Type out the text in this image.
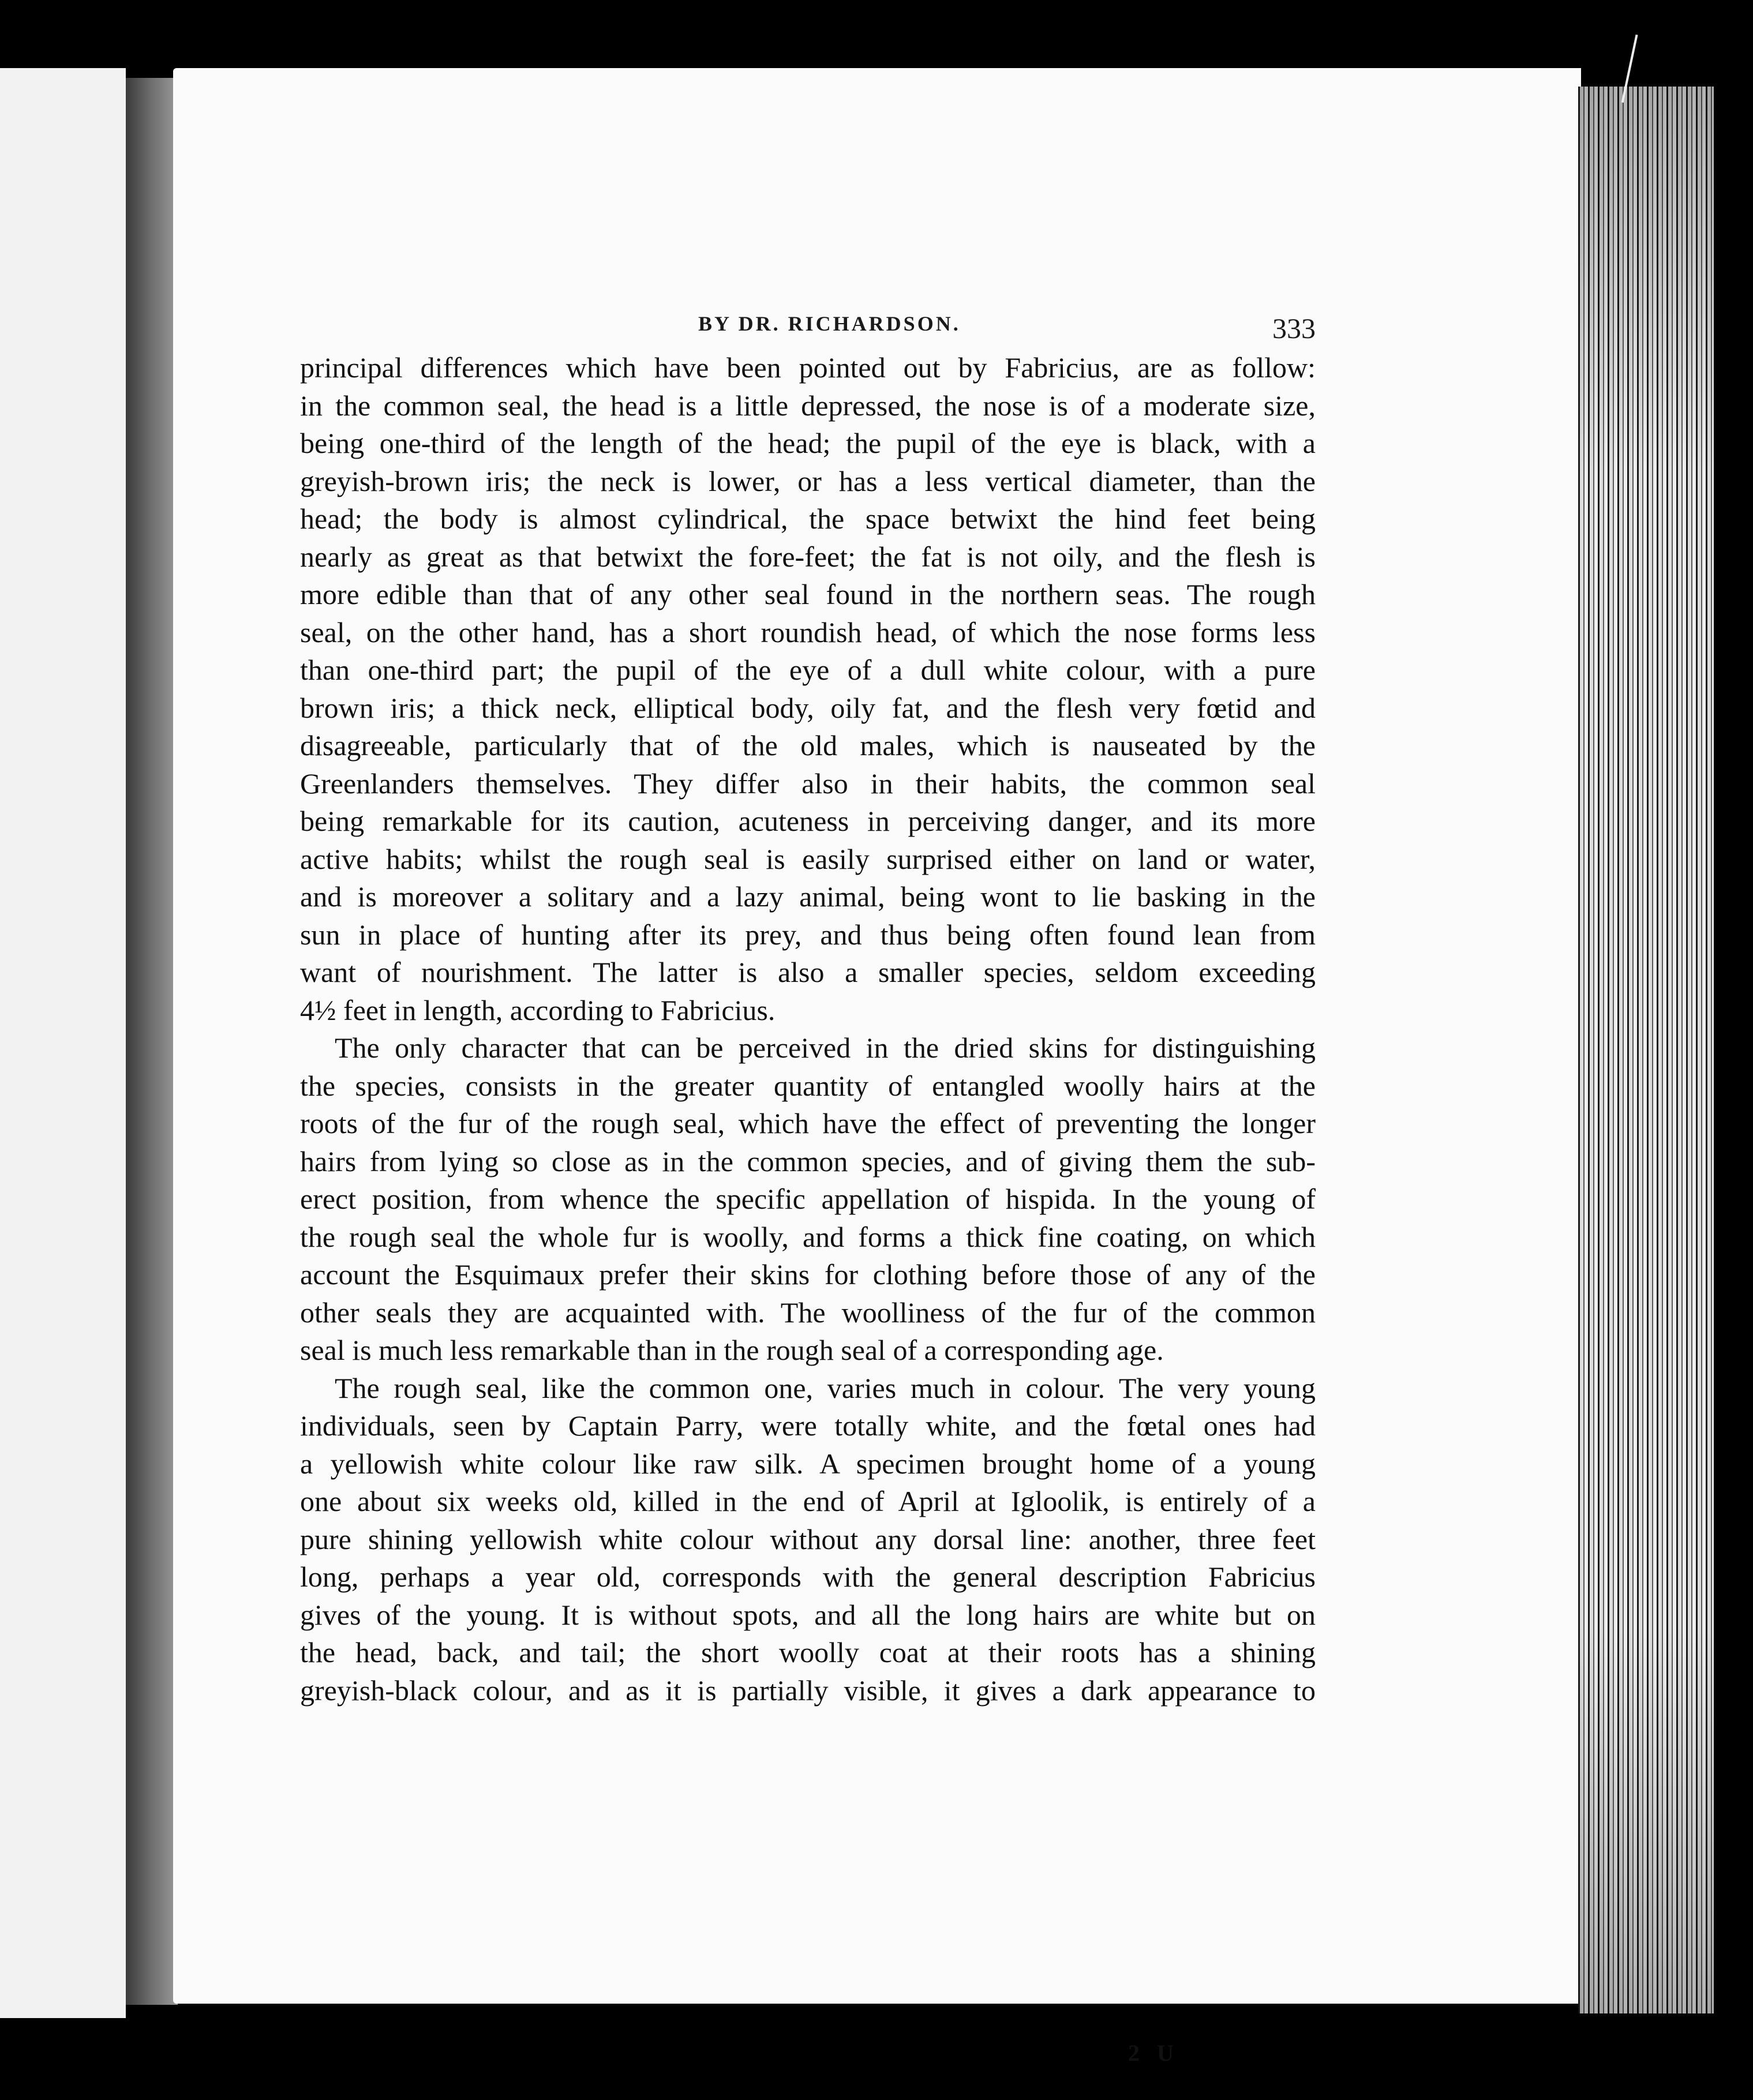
BY DR. RICHARDSON.	333
principal differences which have been pointed out by Fabricius, are as follow:
in the common seal, the head is a little depressed, the nose is of a moderate size,
being one-third of the length of the head; the pupil of the eye is black, with a
greyish-brown iris; the neck is lower, or has a less vertical diameter, than the
head; the body is almost cylindrical, the space betwixt the hind feet being
nearly as great as that betwixt the fore-feet; the fat is not oily, and the flesh is
more edible than that of any other seal found in the northern seas. The rough
seal, on the other hand, has a short roundish head, of which the nose forms less
than one-third part; the pupil of the eye of a dull white colour, with a pure
brown iris; a thick neck, elliptical body, oily fat, and the flesh very fœtid and
disagreeable, particularly that of the old males, which is nauseated by the
Greenlanders themselves. They differ also in their habits, the common seal
being remarkable for its caution, acuteness in perceiving danger, and its more
active habits; whilst the rough seal is easily surprised either on land or water,
and is moreover a solitary and a lazy animal, being wont to lie basking in the
sun in place of hunting after its prey, and thus being often found lean from
want of nourishment. The latter is also a smaller species, seldom exceeding
4½ feet in length, according to Fabricius.
The only character that can be perceived in the dried skins for distinguishing
the species, consists in the greater quantity of entangled woolly hairs at the
roots of the fur of the rough seal, which have the effect of preventing the longer
hairs from lying so close as in the common species, and of giving them the sub-
erect position, from whence the specific appellation of hispida. In the young of
the rough seal the whole fur is woolly, and forms a thick fine coating, on which
account the Esquimaux prefer their skins for clothing before those of any of the
other seals they are acquainted with. The woolliness of the fur of the common
seal is much less remarkable than in the rough seal of a corresponding age.
The rough seal, like the common one, varies much in colour. The very young
individuals, seen by Captain Parry, were totally white, and the fœtal ones had
a yellowish white colour like raw silk. A specimen brought home of a young
one about six weeks old, killed in the end of April at Igloolik, is entirely of a
pure shining yellowish white colour without any dorsal line: another, three feet
long, perhaps a year old, corresponds with the general description Fabricius
gives of the young. It is without spots, and all the long hairs are white but on
the head, back, and tail; the short woolly coat at their roots has a shining
greyish-black colour, and as it is partially visible, it gives a dark appearance to
2 U
